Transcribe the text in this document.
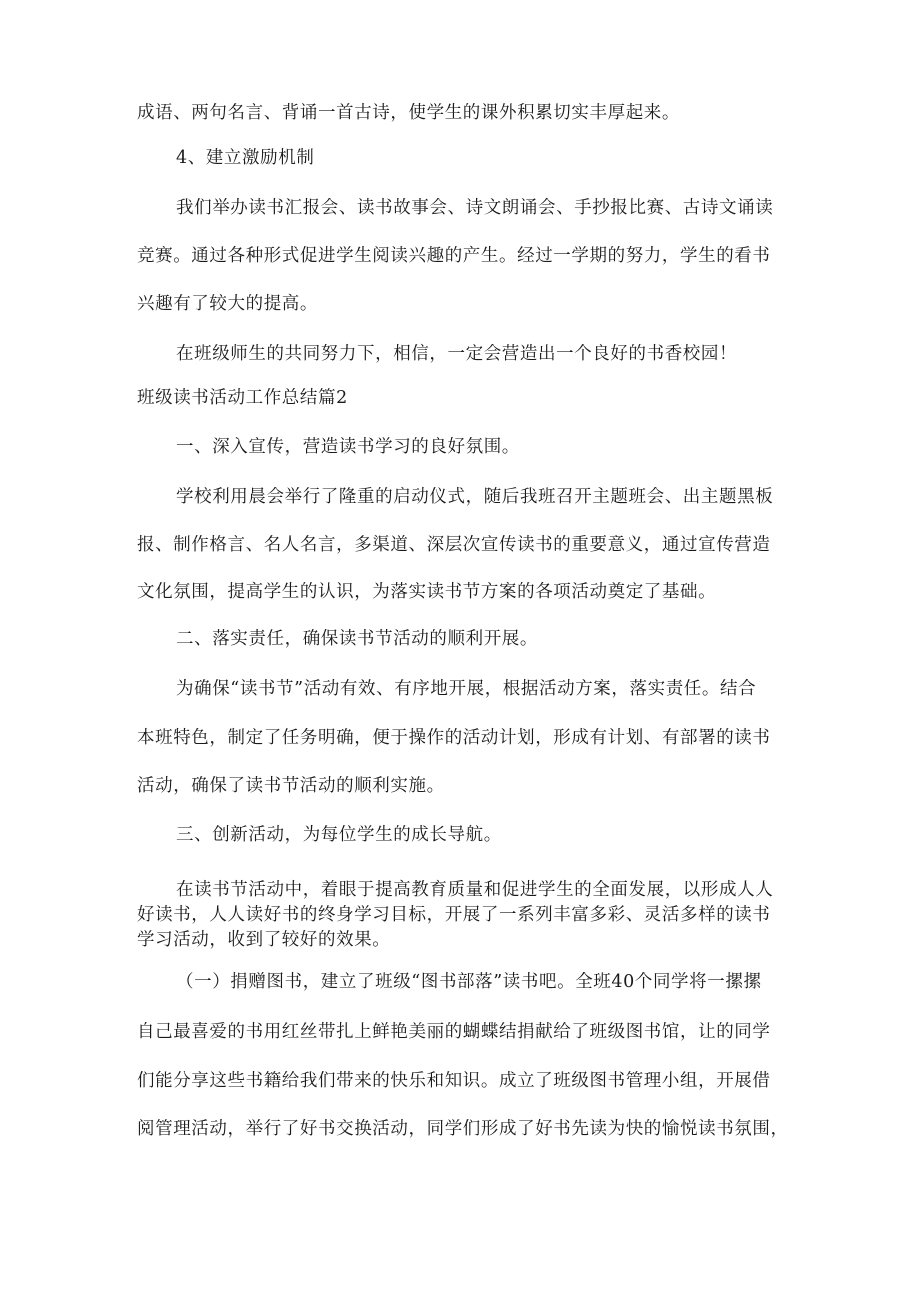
成语、两句名言、背诵一首古诗，使学生的课外积累切实丰厚起来。
4、建立激励机制
我们举办读书汇报会、读书故事会、诗文朗诵会、手抄报比赛、古诗文诵读
竞赛。通过各种形式促进学生阅读兴趣的产生。经过一学期的努力，学生的看书
兴趣有了较大的提高。
在班级师生的共同努力下，相信，一定会营造出一个良好的书香校园！
班级读书活动工作总结篇2
一、深入宣传，营造读书学习的良好氛围。
学校利用晨会举行了隆重的启动仪式，随后我班召开主题班会、出主题黑板
报、制作格言、名人名言，多渠道、深层次宣传读书的重要意义，通过宣传营造
文化氛围，提高学生的认识，为落实读书节方案的各项活动奠定了基础。
二、落实责任，确保读书节活动的顺利开展。
为确保“读书节”活动有效、有序地开展，根据活动方案，落实责任。结合
本班特色，制定了任务明确，便于操作的活动计划，形成有计划、有部署的读书
活动，确保了读书节活动的顺利实施。
三、创新活动，为每位学生的成长导航。
在读书节活动中，着眼于提高教育质量和促进学生的全面发展，以形成人人
好读书，人人读好书的终身学习目标，开展了一系列丰富多彩、灵活多样的读书
学习活动，收到了较好的效果。
（一）捐赠图书，建立了班级“图书部落”读书吧。全班40个同学将一摞摞
自己最喜爱的书用红丝带扎上鲜艳美丽的蝴蝶结捐献给了班级图书馆，让的同学
们能分享这些书籍给我们带来的快乐和知识。成立了班级图书管理小组，开展借
阅管理活动，举行了好书交换活动，同学们形成了好书先读为快的愉悦读书氛围，
